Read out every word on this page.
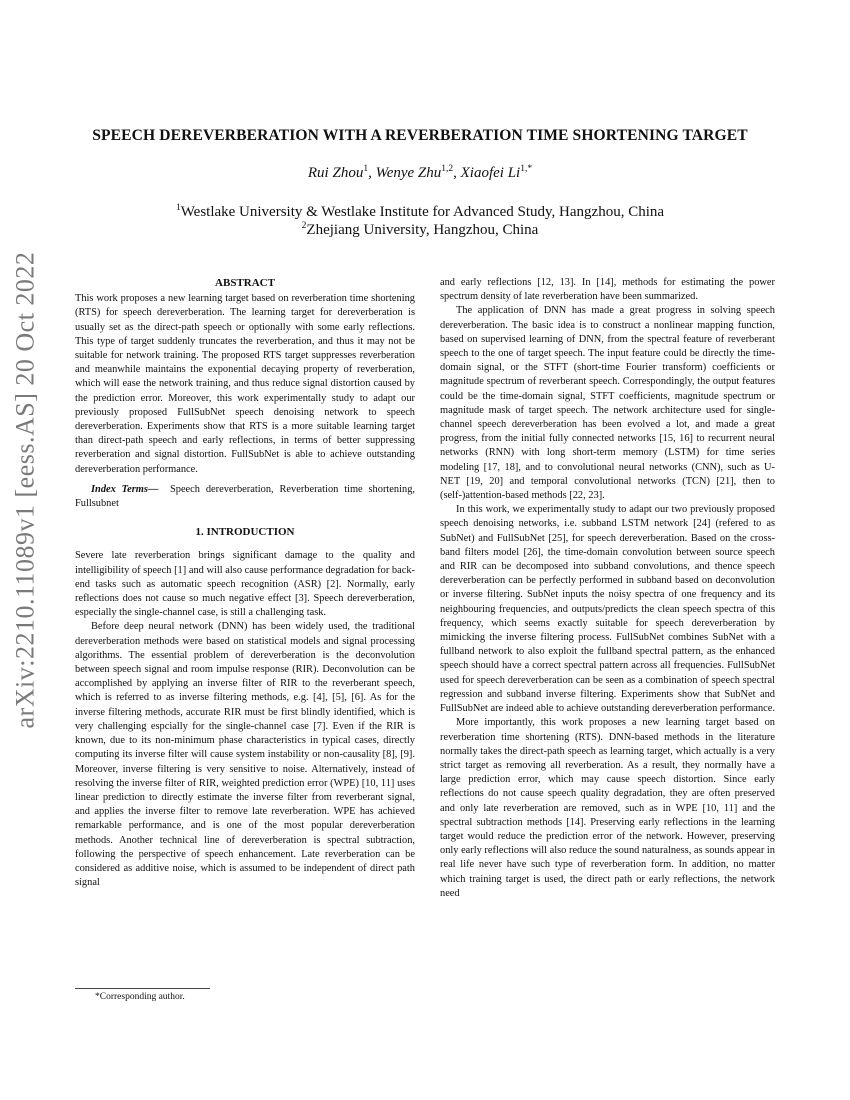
arXiv:2210.11089v1 [eess.AS] 20 Oct 2022
SPEECH DEREVERBERATION WITH A REVERBERATION TIME SHORTENING TARGET
Rui Zhou$^1$, Wenye Zhu$^{1,2}$, Xiaofei $Li^{1,*}$
$^1$Westlake University & Westlake Institute for Advanced Study, Hangzhou, China
$^2$Zhejiang University, Hangzhou, China
ABSTRACT

This work proposes a new learning target based on reverberation time shortening (RTS) for speech dereverberation. The learning target for dereverberation is usually set as the direct-path speech or optionally with some early reflections. This type of target suddenly truncates the reverberation, and thus it may not be suitable for network training. The proposed RTS target suppresses reverberation and meanwhile maintains the exponential decaying property of reverberation, which will ease the network training, and thus reduce signal distortion caused by the prediction error. Moreover, this work experimentally study to adapt our previously proposed FullSubNet speech denoising network to speech dereverberation. Experiments show that RTS is a more suitable learning target than direct-path speech and early reflections, in terms of better suppressing reverberation and signal distortion. FullSubNet is able to achieve outstanding dereverberation performance.

Index Terms— Speech dereverberation, Reverberation time shortening, Fullsubnet

1. INTRODUCTION

Severe late reverberation brings significant damage to the quality and intelligibility of speech [1] and will also cause performance degradation for back-end tasks such as automatic speech recognition (ASR) [2]. Normally, early reflections does not cause so much negative effect [3]. Speech dereverberation, especially the single-channel case, is still a challenging task.

Before deep neural network (DNN) has been widely used, the traditional dereverberation methods were based on statistical models and signal processing algorithms. The essential problem of dereverberation is the deconvolution between speech signal and room impulse response (RIR). Deconvolution can be accomplished by applying an inverse filter of RIR to the reverberant speech, which is referred to as inverse filtering methods, e.g. [4], [5], [6]. As for the inverse filtering methods, accurate RIR must be first blindly identified, which is very challenging espcially for the single-channel case [7]. Even if the RIR is known, due to its non-minimum phase characteristics in typical cases, directly computing its inverse filter will cause system instability or non-causality [8], [9]. Moreover, inverse filtering is very sensitive to noise. Alternatively, instead of resolving the inverse filter of RIR, weighted prediction error (WPE) [10, 11] uses linear prediction to directly estimate the inverse filter from reverberant signal, and applies the inverse filter to remove late reverberation. WPE has achieved remarkable performance, and is one of the most popular dereverberation methods. Another technical line of dereverberation is spectral subtraction, following the perspective of speech enhancement. Late reverberation can be considered as additive noise, which is assumed to be independent of direct path signal

and early reflections [12, 13]. In [14], methods for estimating the power spectrum density of late reverberation have been summarized.

The application of DNN has made a great progress in solving speech dereverberation. The basic idea is to construct a nonlinear mapping function, based on supervised learning of DNN, from the spectral feature of reverberant speech to the one of target speech. The input feature could be directly the time-domain signal, or the STFT (short-time Fourier transform) coefficients or magnitude spectrum of reverberant speech. Correspondingly, the output features could be the time-domain signal, STFT coefficients, magnitude spectrum or magnitude mask of target speech. The network architecture used for single-channel speech dereverberation has been evolved a lot, and made a great progress, from the initial fully connected networks [15, 16] to recurrent neural networks (RNN) with long short-term memory (LSTM) for time series modeling [17, 18], and to convolutional neural networks (CNN), such as U-NET [19, 20] and temporal convolutional networks (TCN) [21], then to (self-)attention-based methods [22, 23].

In this work, we experimentally study to adapt our two previously proposed speech denoising networks, i.e. subband LSTM network [24] (refered to as SubNet) and FullSubNet [25], for speech dereverberation. Based on the cross-band filters model [26], the time-domain convolution between source speech and RIR can be decomposed into subband convolutions, and thence speech dereverberation can be perfectly performed in subband based on deconvolution or inverse filtering. SubNet inputs the noisy spectra of one frequency and its neighbouring frequencies, and outputs/predicts the clean speech spectra of this frequency, which seems exactly suitable for speech dereverberation by mimicking the inverse filtering process. FullSubNet combines SubNet with a fullband network to also exploit the fullband spectral pattern, as the enhanced speech should have a correct spectral pattern across all frequencies. FullSubNet used for speech dereverberation can be seen as a combination of speech spectral regression and subband inverse filtering. Experiments show that SubNet and FullSubNet are indeed able to achieve outstanding dereverberation performance.

More importantly, this work proposes a new learning target based on reverberation time shortening (RTS). DNN-based methods in the literature normally takes the direct-path speech as learning target, which actually is a very strict target as removing all reverberation. As a result, they normally have a large prediction error, which may cause speech distortion. Since early reflections do not cause speech quality degradation, they are often preserved and only late reverberation are removed, such as in WPE [10, 11] and the spectral subtraction methods [14]. Preserving early reflections in the learning target would reduce the prediction error of the network. However, preserving only early reflections will also reduce the sound naturalness, as sounds appear in real life never have such type of reverberation form. In addition, no matter which training target is used, the direct path or early reflections, the network need

*Corresponding author.
